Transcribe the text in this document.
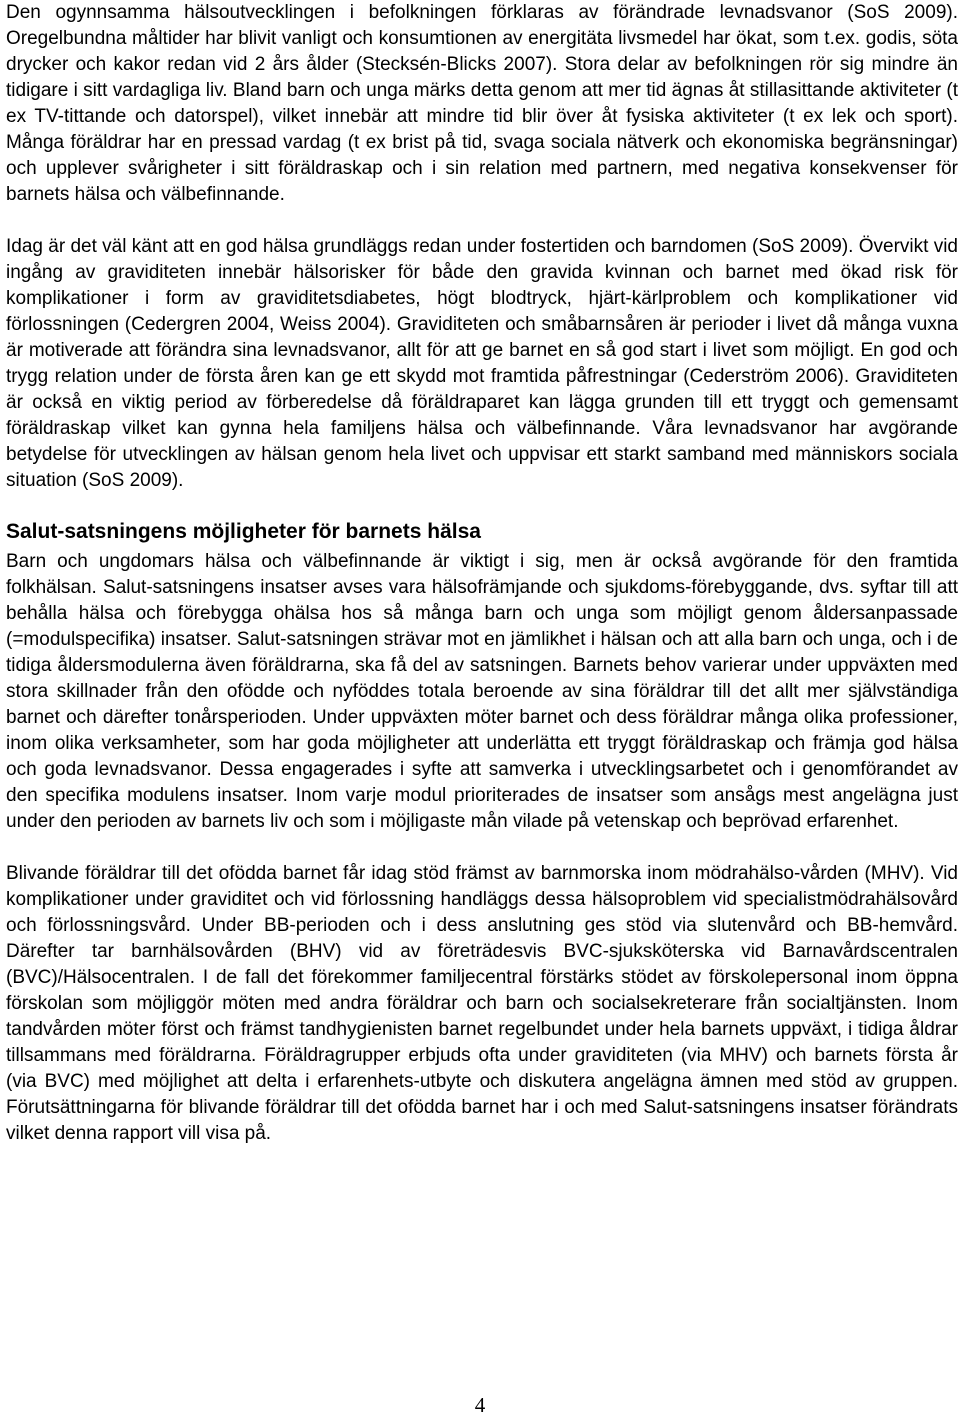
Den ogynnsamma hälsoutvecklingen i befolkningen förklaras av förändrade levnadsvanor (SoS 2009). Oregelbundna måltider har blivit vanligt och konsumtionen av energitäta livsmedel har ökat, som t.ex. godis, söta drycker och kakor redan vid 2 års ålder (Stecksén-Blicks 2007). Stora delar av befolkningen rör sig mindre än tidigare i sitt vardagliga liv. Bland barn och unga märks detta genom att mer tid ägnas åt stillasittande aktiviteter (t ex TV-tittande och datorspel), vilket innebär att mindre tid blir över åt fysiska aktiviteter (t ex lek och sport). Många föräldrar har en pressad vardag (t ex brist på tid, svaga sociala nätverk och ekonomiska begränsningar) och upplever svårigheter i sitt föräldraskap och i sin relation med partnern, med negativa konsekvenser för barnets hälsa och välbefinnande.

Idag är det väl känt att en god hälsa grundläggs redan under fostertiden och barndomen (SoS 2009). Övervikt vid ingång av graviditeten innebär hälsorisker för både den gravida kvinnan och barnet med ökad risk för komplikationer i form av graviditetsdiabetes, högt blodtryck, hjärt-kärlproblem och komplikationer vid förlossningen (Cedergren 2004, Weiss 2004). Graviditeten och småbarnsåren är perioder i livet då många vuxna är motiverade att förändra sina levnadsvanor, allt för att ge barnet en så god start i livet som möjligt. En god och trygg relation under de första åren kan ge ett skydd mot framtida påfrestningar (Cederström 2006). Graviditeten är också en viktig period av förberedelse då föräldraparet kan lägga grunden till ett tryggt och gemensamt föräldraskap vilket kan gynna hela familjens hälsa och välbefinnande. Våra levnadsvanor har avgörande betydelse för utvecklingen av hälsan genom hela livet och uppvisar ett starkt samband med människors sociala situation (SoS 2009).

Salut-satsningens möjligheter för barnets hälsa

Barn och ungdomars hälsa och välbefinnande är viktigt i sig, men är också avgörande för den framtida folkhälsan. Salut-satsningens insatser avses vara hälsofrämjande och sjukdoms-förebyggande, dvs. syftar till att behålla hälsa och förebygga ohälsa hos så många barn och unga som möjligt genom åldersanpassade (=modulspecifika) insatser. Salut-satsningen strävar mot en jämlikhet i hälsan och att alla barn och unga, och i de tidiga åldersmodulerna även föräldrarna, ska få del av satsningen. Barnets behov varierar under uppväxten med stora skillnader från den ofödde och nyföddes totala beroende av sina föräldrar till det allt mer självständiga barnet och därefter tonårsperioden. Under uppväxten möter barnet och dess föräldrar många olika professioner, inom olika verksamheter, som har goda möjligheter att underlätta ett tryggt föräldraskap och främja god hälsa och goda levnadsvanor. Dessa engagerades i syfte att samverka i utvecklingsarbetet och i genomförandet av den specifika modulens insatser. Inom varje modul prioriterades de insatser som ansågs mest angelägna just under den perioden av barnets liv och som i möjligaste mån vilade på vetenskap och beprövad erfarenhet.

Blivande föräldrar till det ofödda barnet får idag stöd främst av barnmorska inom mödrahälso-vården (MHV). Vid komplikationer under graviditet och vid förlossning handläggs dessa hälsoproblem vid specialistmödrahälsovård och förlossningsvård. Under BB-perioden och i dess anslutning ges stöd via slutenvård och BB-hemvård. Därefter tar barnhälsovården (BHV) vid av företrädesvis BVC-sjuksköterska vid Barnavårdscentralen (BVC)/Hälsocentralen. I de fall det förekommer familjecentral förstärks stödet av förskolepersonal inom öppna förskolan som möjliggör möten med andra föräldrar och barn och socialsekreterare från socialtjänsten. Inom tandvården möter först och främst tandhygienisten barnet regelbundet under hela barnets uppväxt, i tidiga åldrar tillsammans med föräldrarna. Föräldragrupper erbjuds ofta under graviditeten (via MHV) och barnets första år (via BVC) med möjlighet att delta i erfarenhets-utbyte och diskutera angelägna ämnen med stöd av gruppen. Förutsättningarna för blivande föräldrar till det ofödda barnet har i och med Salut-satsningens insatser förändrats vilket denna rapport vill visa på.

4
